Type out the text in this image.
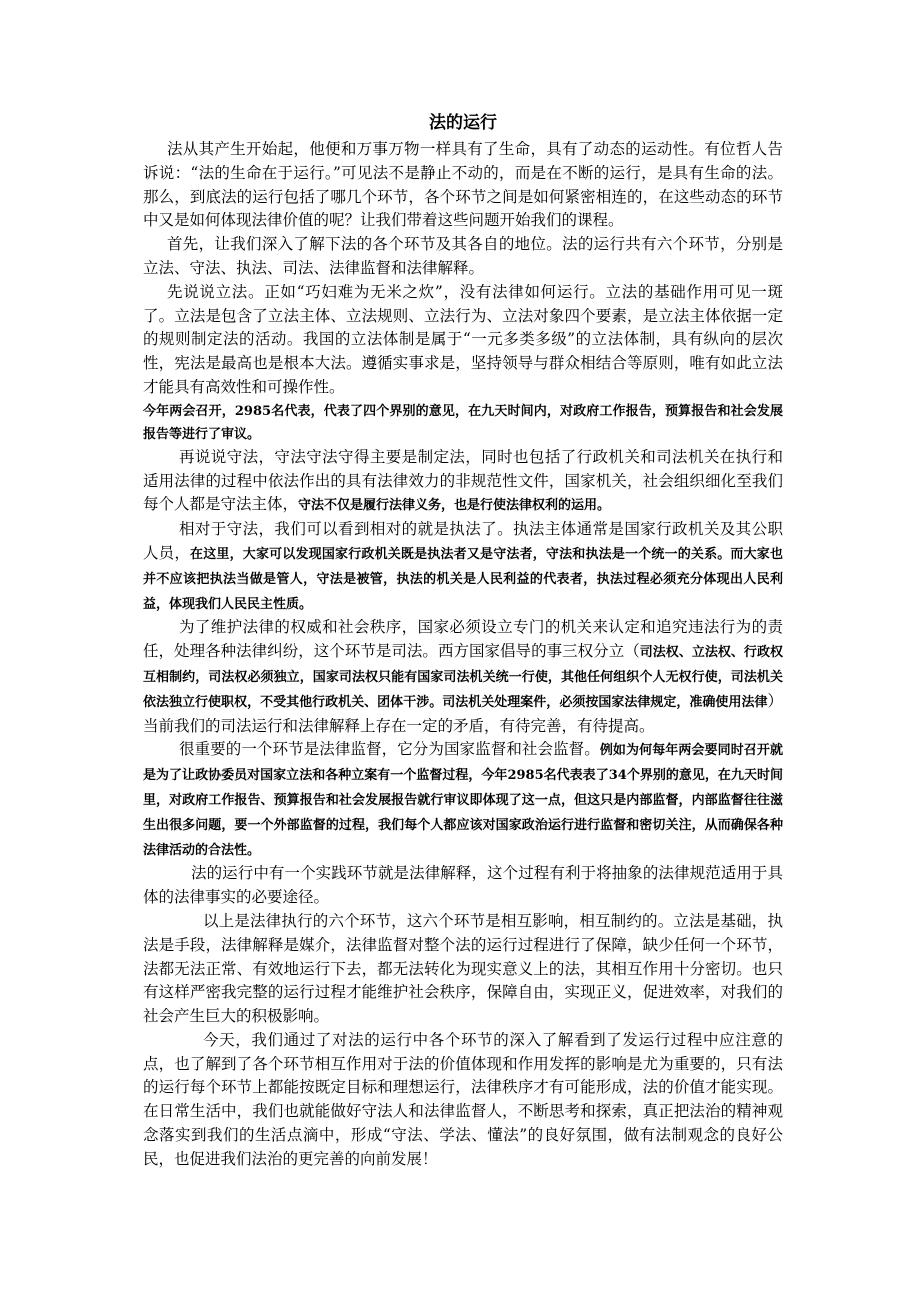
法的运行

法从其产生开始起，他便和万事万物一样具有了生命，具有了动态的运动性。有位哲人告诉说：“法的生命在于运行。”可见法不是静止不动的，而是在不断的运行，是具有生命的法。那么，到底法的运行包括了哪几个环节，各个环节之间是如何紧密相连的，在这些动态的环节中又是如何体现法律价值的呢？让我们带着这些问题开始我们的课程。

首先，让我们深入了解下法的各个环节及其各自的地位。法的运行共有六个环节，分别是立法、守法、执法、司法、法律监督和法律解释。

先说说立法。正如“巧妇难为无米之炊”，没有法律如何运行。立法的基础作用可见一斑了。立法是包含了立法主体、立法规则、立法行为、立法对象四个要素，是立法主体依据一定的规则制定法的活动。我国的立法体制是属于“一元多类多级”的立法体制，具有纵向的层次性，宪法是最高也是根本大法。遵循实事求是，坚持领导与群众相结合等原则，唯有如此立法才能具有高效性和可操作性。

今年两会召开，2985名代表，代表了四个界别的意见，在九天时间内，对政府工作报告，预算报告和社会发展报告等进行了审议。

再说说守法，守法守法守得主要是制定法，同时也包括了行政机关和司法机关在执行和适用法律的过程中依法作出的具有法律效力的非规范性文件，国家机关，社会组织细化至我们每个人都是守法主体，守法不仅是履行法律义务，也是行使法律权利的运用。

相对于守法，我们可以看到相对的就是执法了。执法主体通常是国家行政机关及其公职人员，在这里，大家可以发现国家行政机关既是执法者又是守法者，守法和执法是一个统一的关系。而大家也并不应该把执法当做是管人，守法是被管，执法的机关是人民利益的代表者，执法过程必须充分体现出人民利益，体现我们人民民主性质。

为了维护法律的权威和社会秩序，国家必须设立专门的机关来认定和追究违法行为的责任，处理各种法律纠纷，这个环节是司法。西方国家倡导的事三权分立（司法权、立法权、行政权互相制约，司法权必须独立，国家司法权只能有国家司法机关统一行使，其他任何组织个人无权行使，司法机关依法独立行使职权，不受其他行政机关、团体干涉。司法机关处理案件，必须按国家法律规定，准确使用法律）当前我们的司法运行和法律解释上存在一定的矛盾，有待完善，有待提高。

很重要的一个环节是法律监督，它分为国家监督和社会监督。例如为何每年两会要同时召开就是为了让政协委员对国家立法和各种立案有一个监督过程，今年2985名代表表了34个界别的意见，在九天时间里，对政府工作报告、预算报告和社会发展报告就行审议即体现了这一点，但这只是内部监督，内部监督往往滋生出很多问题，要一个外部监督的过程，我们每个人都应该对国家政治运行进行监督和密切关注，从而确保各种法律活动的合法性。

法的运行中有一个实践环节就是法律解释，这个过程有利于将抽象的法律规范适用于具体的法律事实的必要途径。

以上是法律执行的六个环节，这六个环节是相互影响，相互制约的。立法是基础，执法是手段，法律解释是媒介，法律监督对整个法的运行过程进行了保障，缺少任何一个环节，法都无法正常、有效地运行下去，都无法转化为现实意义上的法，其相互作用十分密切。也只有这样严密我完整的运行过程才能维护社会秩序，保障自由，实现正义，促进效率，对我们的社会产生巨大的积极影响。

今天，我们通过了对法的运行中各个环节的深入了解看到了发运行过程中应注意的点，也了解到了各个环节相互作用对于法的价值体现和作用发挥的影响是尤为重要的，只有法的运行每个环节上都能按既定目标和理想运行，法律秩序才有可能形成，法的价值才能实现。在日常生活中，我们也就能做好守法人和法律监督人，不断思考和探索，真正把法治的精神观念落实到我们的生活点滴中，形成“守法、学法、懂法”的良好氛围，做有法制观念的良好公民，也促进我们法治的更完善的向前发展！
